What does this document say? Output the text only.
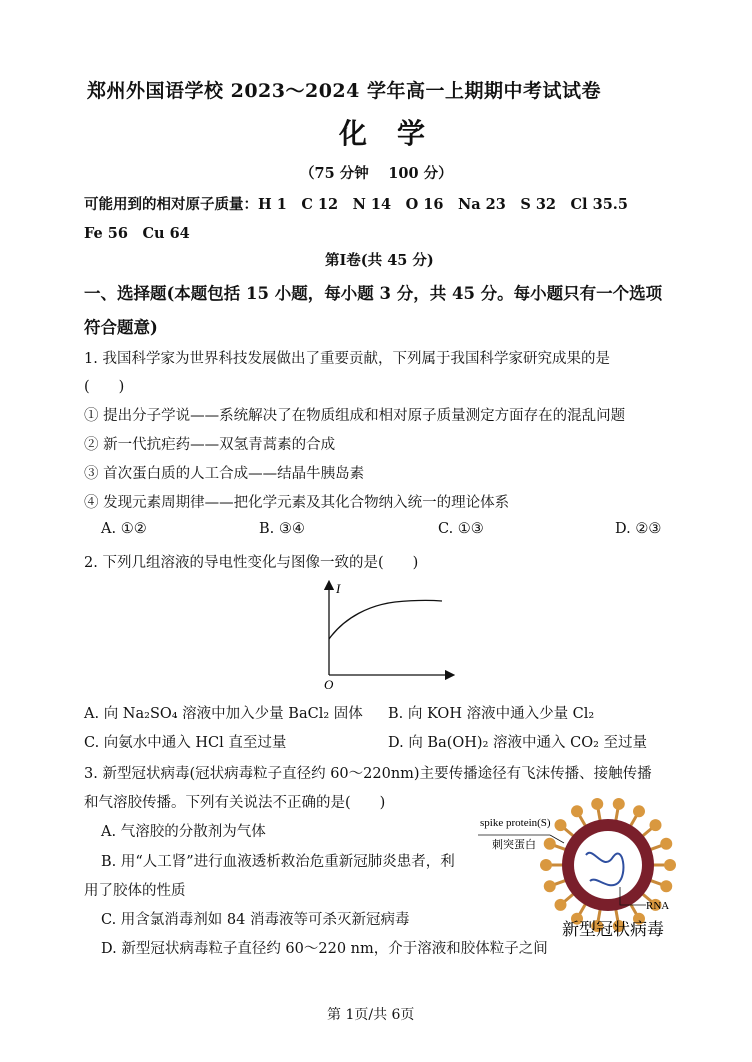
郑州外国语学校 2023～2024 学年高一上期期中考试试卷
化学
（75 分钟　 100 分）
可能用到的相对原子质量：H 1　C 12　N 14　O 16　Na 23　S 32　Cl 35.5
Fe 56　Cu 64
第Ⅰ卷(共 45 分)
一、选择题(本题包括 15 小题，每小题 3 分，共 45 分。每小题只有一个选项
符合题意)
1. 我国科学家为世界科技发展做出了重要贡献，下列属于我国科学家研究成果的是
(　　)
① 提出分子学说——系统解决了在物质组成和相对原子质量测定方面存在的混乱问题
② 新一代抗疟药——双氢青蒿素的合成
③ 首次蛋白质的人工合成——结晶牛胰岛素
④ 发现元素周期律——把化学元素及其化合物纳入统一的理论体系
A. ①②	B. ③④	C. ①③	D. ②③
2. 下列几组溶液的导电性变化与图像一致的是(　　)
I
O
A. 向 Na₂SO₄ 溶液中加入少量 BaCl₂ 固体 B. 向 KOH 溶液中通入少量 Cl₂
C. 向氨水中通入 HCl 直至过量	D. 向 Ba(OH)₂ 溶液中通入 CO₂ 至过量
3. 新型冠状病毒(冠状病毒粒子直径约 60～220nm)主要传播途径有飞沫传播、接触传播
和气溶胶传播。下列有关说法不正确的是(　　)
A. 气溶胶的分散剂为气体
B. 用“人工肾”进行血液透析救治危重新冠肺炎患者，利
用了胶体的性质
C. 用含氯消毒剂如 84 消毒液等可杀灭新冠病毒
D. 新型冠状病毒粒子直径约 60～220 nm，介于溶液和胶体粒子之间
spike protein(S)
刺突蛋白
RNA
新型冠状病毒
第 1页/共 6页
